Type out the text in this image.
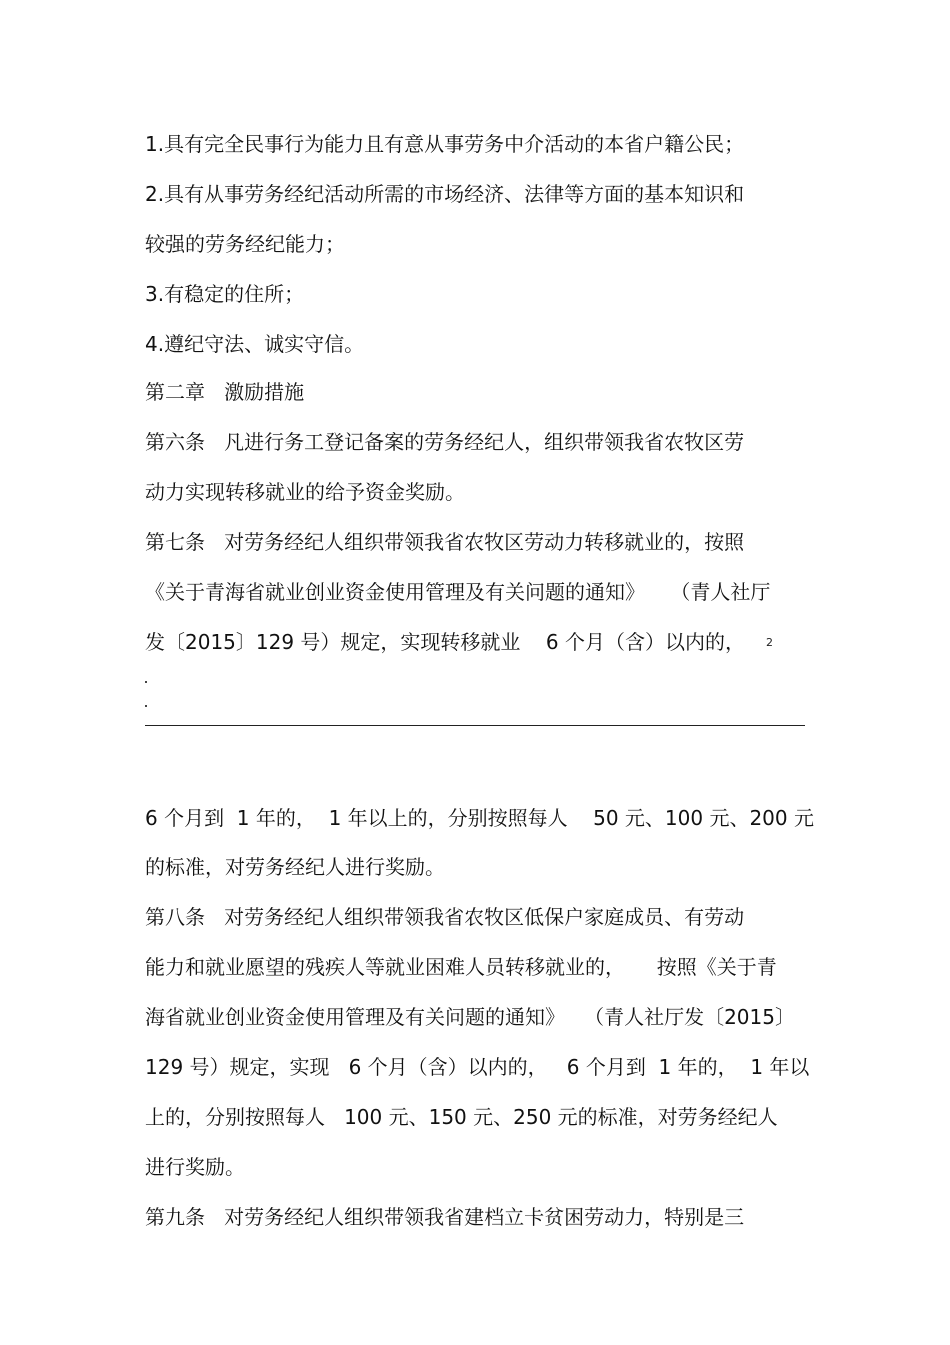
1.具有完全民事行为能力且有意从事劳务中介活动的本省户籍公民；
2.具有从事劳务经纪活动所需的市场经济、法律等方面的基本知识和
较强的劳务经纪能力；
3.有稳定的住所；
4.遵纪守法、诚实守信。
第二章   激励措施
第六条   凡进行务工登记备案的劳务经纪人，组织带领我省农牧区劳
动力实现转移就业的给予资金奖励。
第七条   对劳务经纪人组织带领我省农牧区劳动力转移就业的，按照
《关于青海省就业创业资金使用管理及有关问题的通知》    （青人社厅
发〔2015〕129 号）规定，实现转移就业    6 个月（含）以内的， 2
6 个月到  1 年的，  1 年以上的，分别按照每人    50 元、100 元、200 元
的标准，对劳务经纪人进行奖励。
第八条   对劳务经纪人组织带领我省农牧区低保户家庭成员、有劳动
能力和就业愿望的残疾人等就业困难人员转移就业的，     按照《关于青
海省就业创业资金使用管理及有关问题的通知》   （青人社厅发〔2015〕
129 号）规定，实现   6 个月（含）以内的，   6 个月到  1 年的，  1 年以
上的，分别按照每人   100 元、150 元、250 元的标准，对劳务经纪人
进行奖励。
第九条   对劳务经纪人组织带领我省建档立卡贫困劳动力，特别是三
